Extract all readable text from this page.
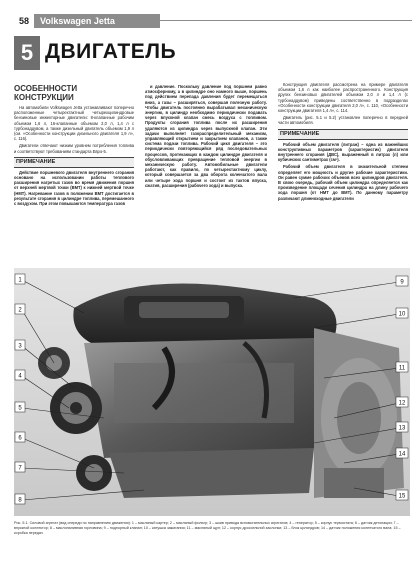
58	Volkswagen Jetta
5 ДВИГАТЕЛЬ
ОСОБЕННОСТИ КОНСТРУКЦИИ
На автомобили Volkswagen Jetta устанавливают поперечно расположенные четырехтактный четырехцилиндровые бензиновые инжекторные двигатели: 8-клапанные рабочим объемом 1,6 л, 16-клапанные объемом 2,0 л, 1,4 л с турбонаддувом, а также дизельный двигатель объемом 1,9 л (см. «Особенности конструкции дизельного двигателя 1,9 л», с. 116).
Двигатели отвечают низким уровнем потребления топлива и соответствуют требованиям стандарта Евро-5.
ПРИМЕЧАНИЕ
Действие поршневого двигателя внутреннего сгорания основано на использовании работы теплового расширения нагретых газов во время движения поршня от верхней мертвой точки (ВМТ) к нижней мертвой точке (НМТ). Нагревание газов в положении ВМТ достигается в результате сгорания в цилиндре топлива, перемешанного с воздухом. При этом повышаются температура газов
и давление. Поскольку давление под поршнем равно атмосферному, а в цилиндре оно намного выше, поршень под действием перепада давления будет перемещаться вниз, а газы – расширяться, совершая полезную работу. Чтобы двигатель постоянно вырабатывал механическую энергию, в цилиндр необходимо периодически подавать через впускной клапан смесь воздуха с топливом. Продукты сгорания топлива после их расширения удаляются из цилиндра через выпускной клапан. Эти задачи выполняет газораспределительный механизм, управляющий открытием и закрытием клапанов, а также система подачи топлива. Рабочий цикл двигателя – это периодически повторяющийся ряд последовательных процессов, протекающих в каждом цилиндре двигателя и обусловливающих превращение тепловой энергии в механическую работу. Автомобильные двигатели работают, как правило, по четырехтактному циклу, который совершается за два оборота коленчатого вала или четыре хода поршня и состоит из тактов впуска, сжатия, расширения (рабочего хода) и выпуска.
Конструкция двигателя рассмотрена на примере двигателя объемом 1,6 л как наиболее распространенного. Конструкция других бензиновых двигателей объемом 2,0 л и 1,4 л (с турбонаддувом) приведены соответственно в подразделах «Особенности конструкции двигателя 2,0 л», с. 110, «Особенности конструкции двигателя 1,4 л», с. 114.
Двигатель (рис. 5.1 и 5.2) установлен поперечно в передней части автомобиля.
ПРИМЕЧАНИЕ
Рабочий объем двигателя (литраж) – одна из важнейших конструктивных параметров (характеристик) двигателя внутреннего сгорания (ДВС), выраженный в литрах (л) или кубических сантиметрах (см³).
Рабочий объем двигателя в значительной степени определяет его мощность и другие рабочие характеристики. Он равен сумме рабочих объемов всех цилиндров двигателя. В свою очередь, рабочий объем цилиндра определяется как произведение площади сечения цилиндра на длину рабочего хода поршня (от НМТ до ВМТ). По данному параметру различают длинноходные двигатели
1
2
3
4
5
6
7
8
9
10
11
12
13
14
15
Рис. 5.1. Силовой агрегат (вид спереди по направлению движения): 1 – масляный картер; 2 – масляный фильтр; 3 – шкив привода вспомогательных агрегатов; 4 – генератор; 5 – корпус термостата; 6 – датчик детонации; 7 – впускной коллектор; 8 – маслоналивная горловина; 9 – подпорный клапан; 10 – катушка зажигания; 11 – масляный щуп; 12 – корпус дроссельной заслонки; 13 – блок цилиндров; 14 – датчик положения коленчатого вала; 15 – коробка передач
